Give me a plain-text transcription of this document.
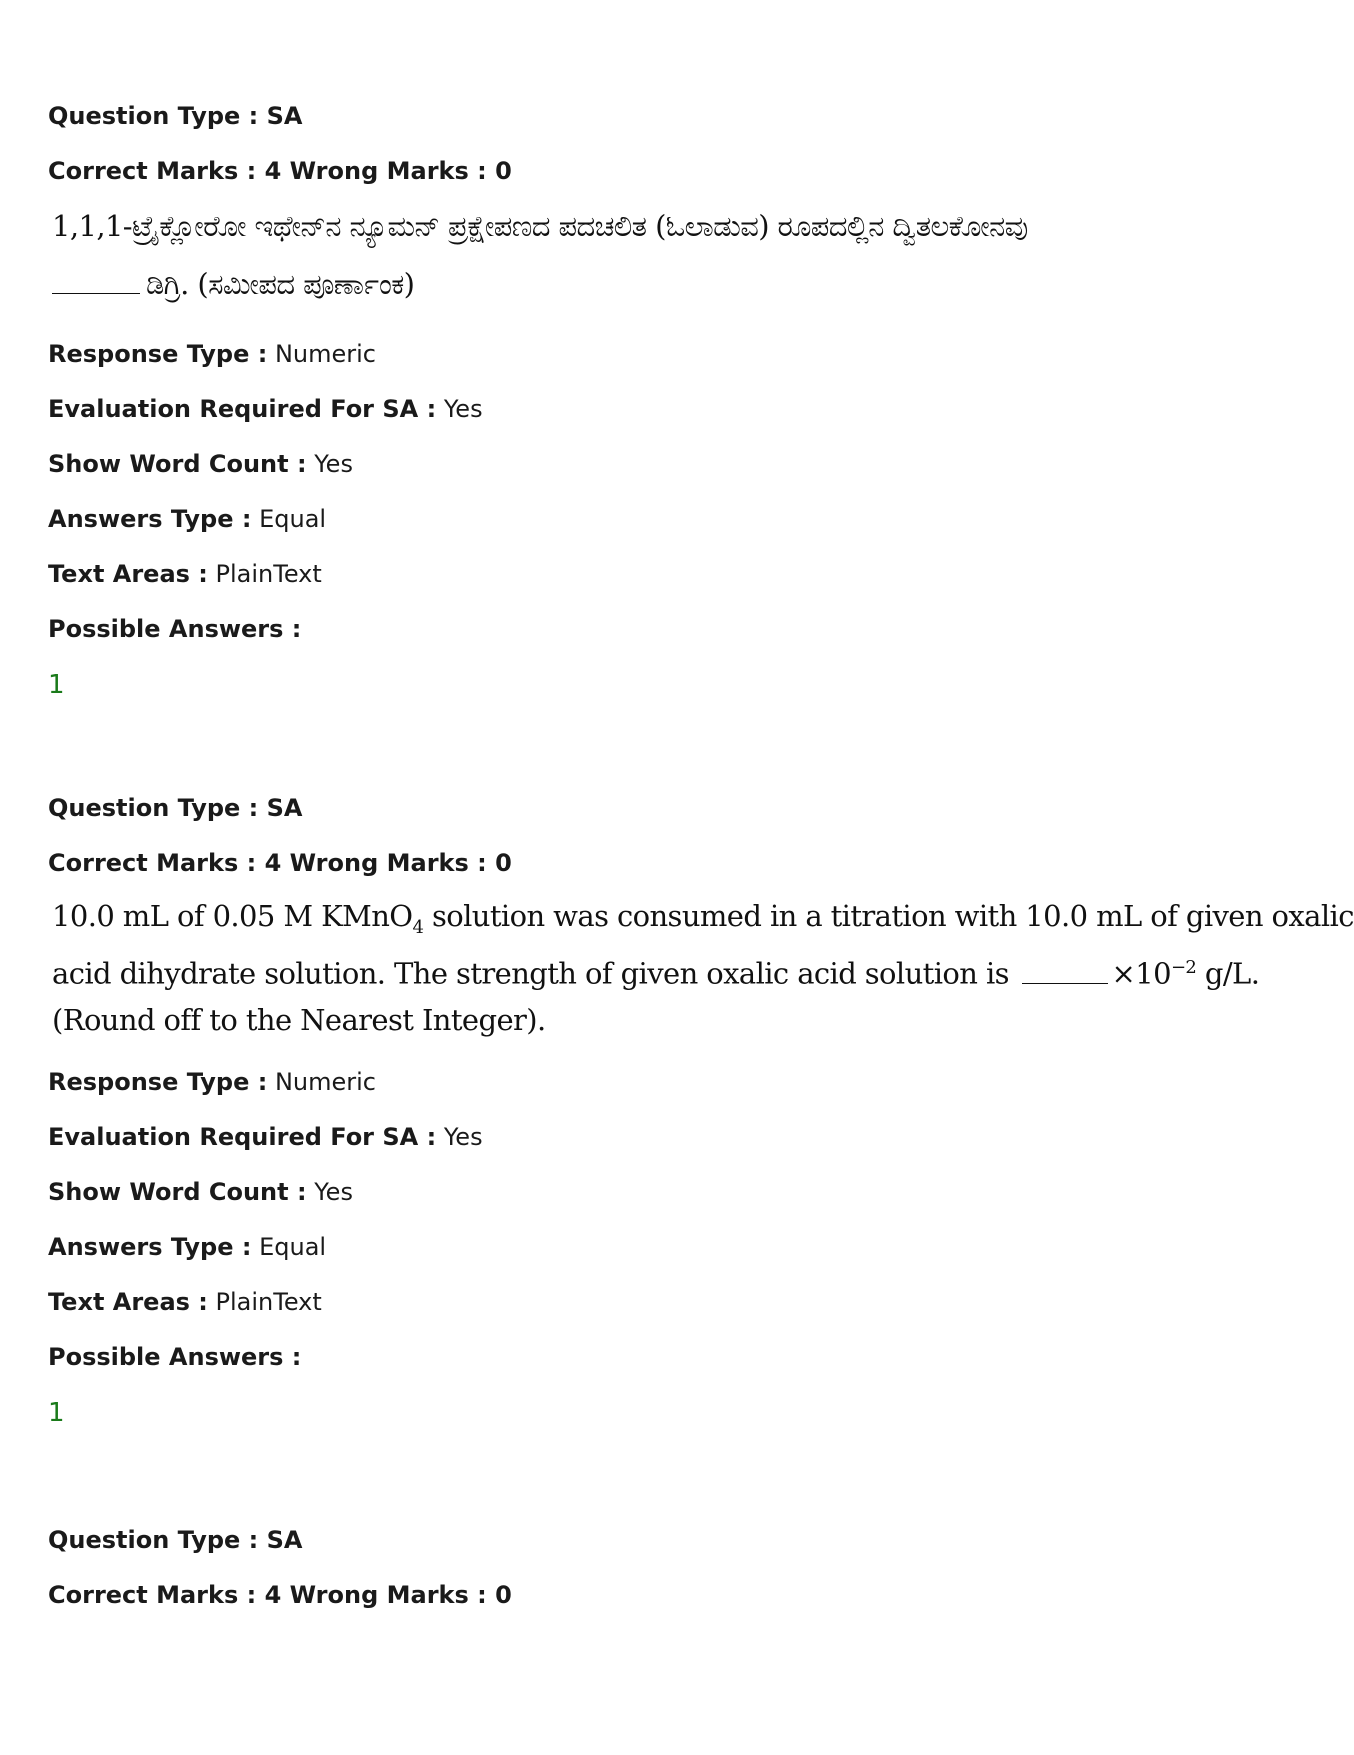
Question Type : SA
Correct Marks : 4 Wrong Marks : 0
1,1,1-ಟ್ರೈಕ್ಲೋರೋ ಇಥೇನ್‌ನ ನ್ಯೂಮನ್ ಪ್ರಕ್ಷೇಪಣದ ಪದಚಲಿತ (ಓಲಾಡುವ) ರೂಪದಲ್ಲಿನ ದ್ವಿತಲಕೋನವು
ಡಿಗ್ರಿ. (ಸಮೀಪದ ಪೂರ್ಣಾಂಕ)
Response Type : Numeric
Evaluation Required For SA : Yes
Show Word Count : Yes
Answers Type : Equal
Text Areas : PlainText
Possible Answers :
1
Question Type : SA
Correct Marks : 4 Wrong Marks : 0
10.0 mL of 0.05 M KMnO$_4$ solution was consumed in a titration with 10.0 mL of given oxalic
acid dihydrate solution. The strength of given oxalic acid solution is	$\times 10^{-2}$ g/L.
(Round off to the Nearest Integer).
Response Type : Numeric
Evaluation Required For SA : Yes
Show Word Count : Yes
Answers Type : Equal
Text Areas : PlainText
Possible Answers :
1
Question Type : SA
Correct Marks : 4 Wrong Marks : 0
